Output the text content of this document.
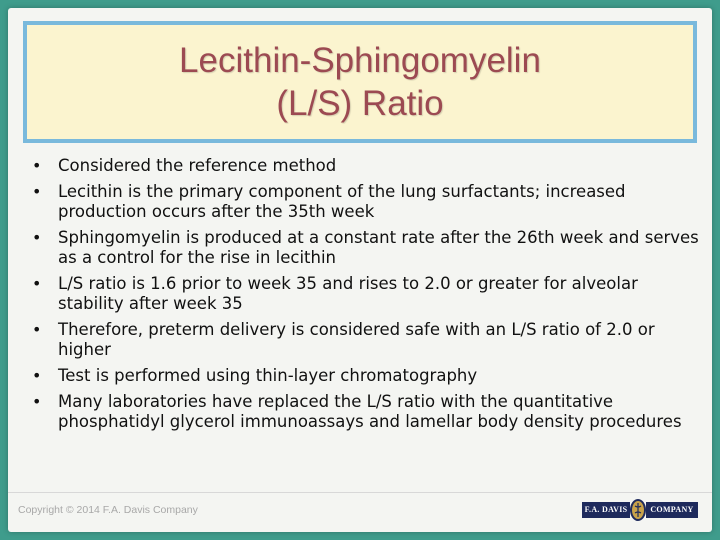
Lecithin-Sphingomyelin
(L/S) Ratio
• Considered the reference method
• Lecithin is the primary component of the lung surfactants; increased production occurs after the 35th week
• Sphingomyelin is produced at a constant rate after the 26th week and serves as a control for the rise in lecithin
• L/S ratio is 1.6 prior to week 35 and rises to 2.0 or greater for alveolar stability after week 35
• Therefore, preterm delivery is considered safe with an L/S ratio of 2.0 or higher
• Test is performed using thin-layer chromatography
• Many laboratories have replaced the L/S ratio with the quantitative phosphatidyl glycerol immunoassays and lamellar body density procedures
Copyright © 2014 F.A. Davis Company	F.A. DAVIS	COMPANY
